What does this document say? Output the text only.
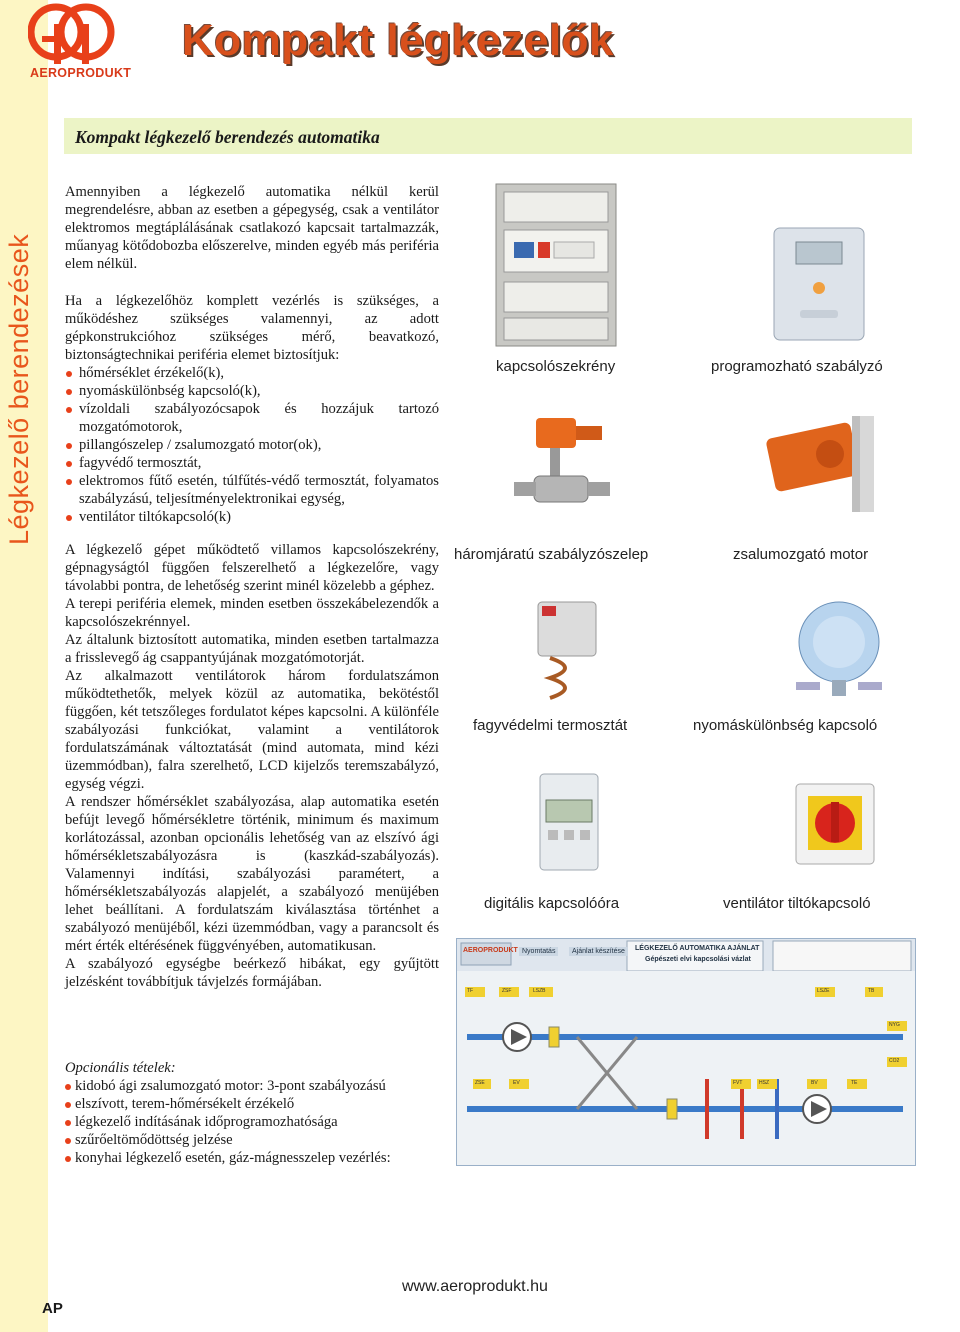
Légkezelő berendezések
AEROPRODUKT
Kompakt légkezelők
Kompakt légkezelő berendezés automatika

Amennyiben a légkezelő automatika nélkül kerül megrendelésre, abban az esetben a gépegység, csak a ventilátor elektromos megtáplálásának csatlakozó kapcsait tartalmazzák, műanyag kötődobozba előszerelve, minden egyéb más periféria elem nélkül.

Ha a légkezelőhöz komplett vezérlés is szükséges, a működéshez szükséges valamennyi, az adott gépkonstrukcióhoz szükséges mérő, beavatkozó, biztonságtechnikai periféria elemet biztosítjuk:

hőmérséklet érzékelő(k),
nyomáskülönbség kapcsoló(k),
vízoldali szabályozócsapok és hozzájuk tartozó mozgatómotorok,
pillangószelep / zsalumozgató motor(ok),
fagyvédő termosztát,
elektromos fűtő esetén, túlfűtés-védő termosztát, folyamatos szabályzású, teljesítményelektronikai egység,
ventilátor tiltókapcsoló(k)

A légkezelő gépet működtető villamos kapcsolószekrény, gépnagyságtól függően felszerelhető a légkezelőre, vagy távolabbi pontra, de lehetőség szerint minél közelebb a géphez.

A terepi periféria elemek, minden esetben összekábelezendők a kapcsolószekrénnyel.

Az általunk biztosított automatika, minden esetben tartalmazza a frisslevegő ág csappantyújának mozgatómotorját.

Az alkalmazott ventilátorok három fordulatszámon működtethetők, melyek közül az automatika, bekötéstől függően, két tetszőleges fordulatot képes kapcsolni. A különféle szabályozási funkciókat, valamint a ventilátorok fordulatszámának változtatását (mind automata, mind kézi üzemmódban), falra szerelhető, LCD kijelzős teremszabályzó, egység végzi.

A rendszer hőmérséklet szabályozása, alap automatika esetén befújt levegő hőmérsékletre történik, minimum és maximum korlátozással, azonban opcionális lehetőség van az elszívó ági hőmérsékletszabályozásra is (kaszkád-szabályozás). Valamennyi indítási, szabályozási paramétert, a hőmérsékletszabályozás alapjelét, a szabályozó menüjében lehet beállítani. A fordulatszám kiválasztása történhet a szabályozó menüjéből, kézi üzemmódban, vagy a parancsolt és mért érték eltérésének függvényében, automatikusan.

A szabályozó egységbe beérkező hibákat, egy gyűjtött jelzésként továbbítjuk távjelzés formájában.

Opcionális tételek:
kidobó ági zsalumozgató motor: 3-pont szabályozású
elszívott, terem-hőmérsékelt érzékelő
légkezelő indításának időprogramozhatósága
szűrőeltömődöttség jelzése
konyhai légkezelő esetén, gáz-mágnesszelep vezérlés:
kapcsolószekrény	programozható szabályzó
háromjáratú szabályzószelep	zsalumozgató motor
fagyvédelmi termosztát	nyomáskülönbség kapcsoló
digitális kapcsolóóra	ventilátor tiltókapcsoló
AEROPRODUKT Nyomtatás	Ajánlat készítése	LÉGKEZELŐ AUTOMATIKA AJÁNLAT
Gépészeti elvi kapcsolási vázlat
TF	ZSF	LSZB	LSZE	TB
NYG
CO2
ZSE	EV	FVT	HSZ	BV	TE
www.aeroprodukt.hu
AP
